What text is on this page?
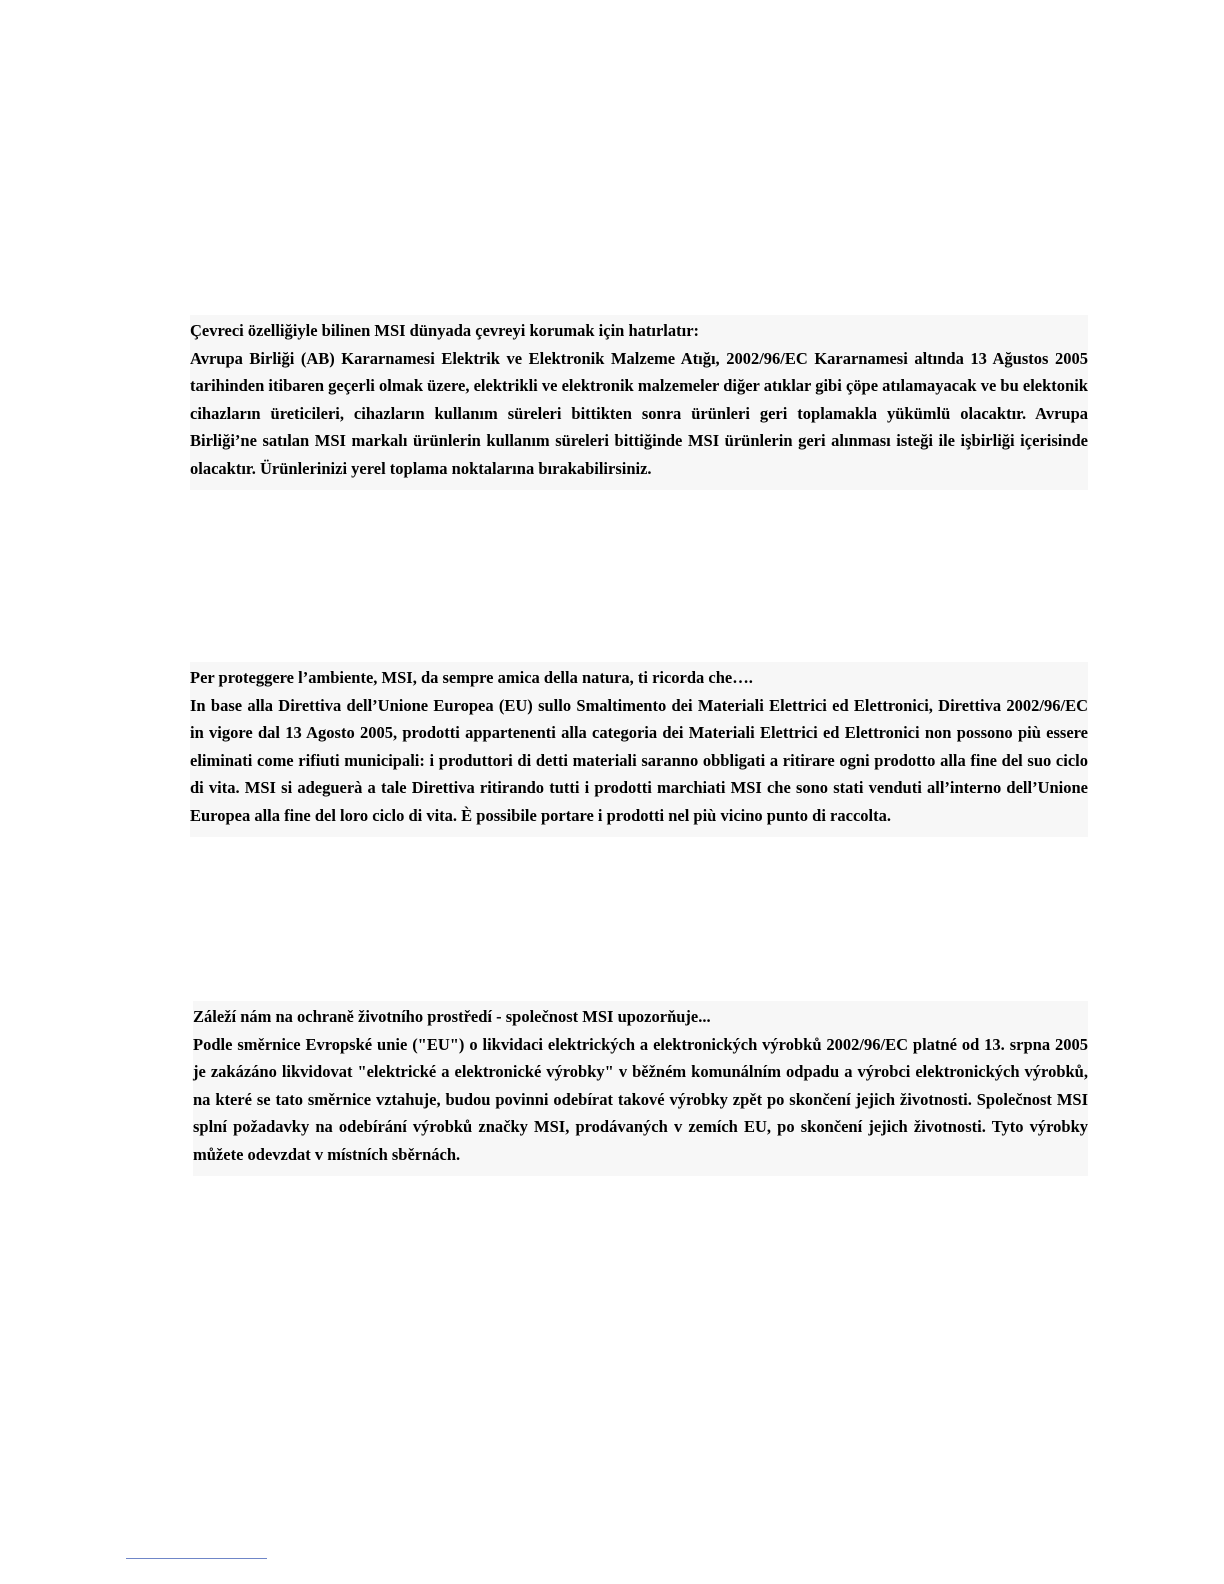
Çevreci özelliğiyle bilinen MSI dünyada çevreyi korumak için hatırlatır:
Avrupa Birliği (AB) Kararnamesi Elektrik ve Elektronik Malzeme Atığı, 2002/96/EC Kararnamesi altında 13 Ağustos 2005 tarihinden itibaren geçerli olmak üzere, elektrikli ve elektronik malzemeler diğer atıklar gibi çöpe atılamayacak ve bu elektonik cihazların üreticileri, cihazların kullanım süreleri bittikten sonra ürünleri geri toplamakla yükümlü olacaktır. Avrupa Birliği’ne satılan MSI markalı ürünlerin kullanım süreleri bittiğinde MSI ürünlerin geri alınması isteği ile işbirliği içerisinde olacaktır. Ürünlerinizi yerel toplama noktalarına bırakabilirsiniz.
Per proteggere l’ambiente, MSI, da sempre amica della natura, ti ricorda che….
In base alla Direttiva dell’Unione Europea (EU) sullo Smaltimento dei Materiali Elettrici ed Elettronici, Direttiva 2002/96/EC in vigore dal 13 Agosto 2005, prodotti appartenenti alla categoria dei Materiali Elettrici ed Elettronici non possono più essere eliminati come rifiuti municipali: i produttori di detti materiali saranno obbligati a ritirare ogni prodotto alla fine del suo ciclo di vita. MSI si adeguerà a tale Direttiva ritirando tutti i prodotti marchiati MSI che sono stati venduti all’interno dell’Unione Europea alla fine del loro ciclo di vita. È possibile portare i prodotti nel più vicino punto di raccolta.
Záleží nám na ochraně životního prostředí - společnost MSI upozorňuje...
Podle směrnice Evropské unie ("EU") o likvidaci elektrických a elektronických výrobků 2002/96/EC platné od 13. srpna 2005 je zakázáno likvidovat "elektrické a elektronické výrobky" v běžném komunálním odpadu a výrobci elektronických výrobků, na které se tato směrnice vztahuje, budou povinni odebírat takové výrobky zpět po skončení jejich životnosti. Společnost MSI splní požadavky na odebírání výrobků značky MSI, prodávaných v zemích EU, po skončení jejich životnosti. Tyto výrobky můžete odevzdat v místních sběrnách.
